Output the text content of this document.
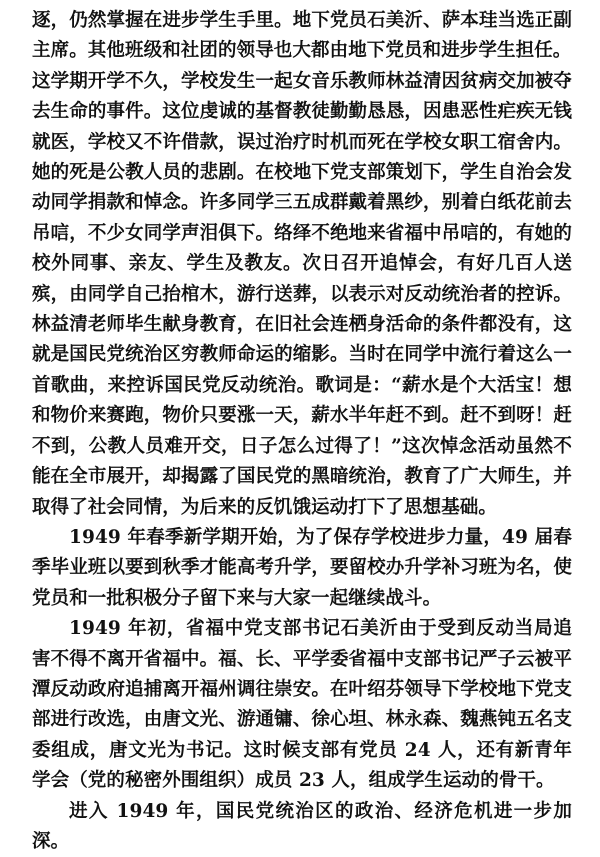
逐，仍然掌握在进步学生手里。地下党员石美沂、萨本珪当选正副主席。其他班级和社团的领导也大都由地下党员和进步学生担任。

这学期开学不久，学校发生一起女音乐教师林益清因贫病交加被夺去生命的事件。这位虔诚的基督教徒勤勤恳恳，因患恶性疟疾无钱就医，学校又不许借款，误过治疗时机而死在学校女职工宿舍内。她的死是公教人员的悲剧。在校地下党支部策划下，学生自治会发动同学捐款和悼念。许多同学三五成群戴着黑纱，别着白纸花前去吊唁，不少女同学声泪俱下。络绎不绝地来省福中吊唁的，有她的校外同事、亲友、学生及教友。次日召开追悼会，有好几百人送殡，由同学自己抬棺木，游行送葬，以表示对反动统治者的控诉。林益清老师毕生献身教育，在旧社会连栖身活命的条件都没有，这就是国民党统治区穷教师命运的缩影。当时在同学中流行着这么一首歌曲，来控诉国民党反动统治。歌词是：“薪水是个大活宝！想和物价来赛跑，物价只要涨一天，薪水半年赶不到。赶不到呀！赶不到，公教人员难开交，日子怎么过得了！”这次悼念活动虽然不能在全市展开，却揭露了国民党的黑暗统治，教育了广大师生，并取得了社会同情，为后来的反饥饿运动打下了思想基础。

1949 年春季新学期开始，为了保存学校进步力量，49 届春季毕业班以要到秋季才能高考升学，要留校办升学补习班为名，使党员和一批积极分子留下来与大家一起继续战斗。

1949 年初，省福中党支部书记石美沂由于受到反动当局追害不得不离开省福中。福、长、平学委省福中支部书记严子云被平潭反动政府追捕离开福州调往崇安。在叶绍芬领导下学校地下党支部进行改选，由唐文光、游通镛、徐心坦、林永森、魏燕钝五名支委组成，唐文光为书记。这时候支部有党员 24 人，还有新青年学会（党的秘密外围组织）成员 23 人，组成学生运动的骨干。

进入 1949 年，国民党统治区的政治、经济危机进一步加深。
